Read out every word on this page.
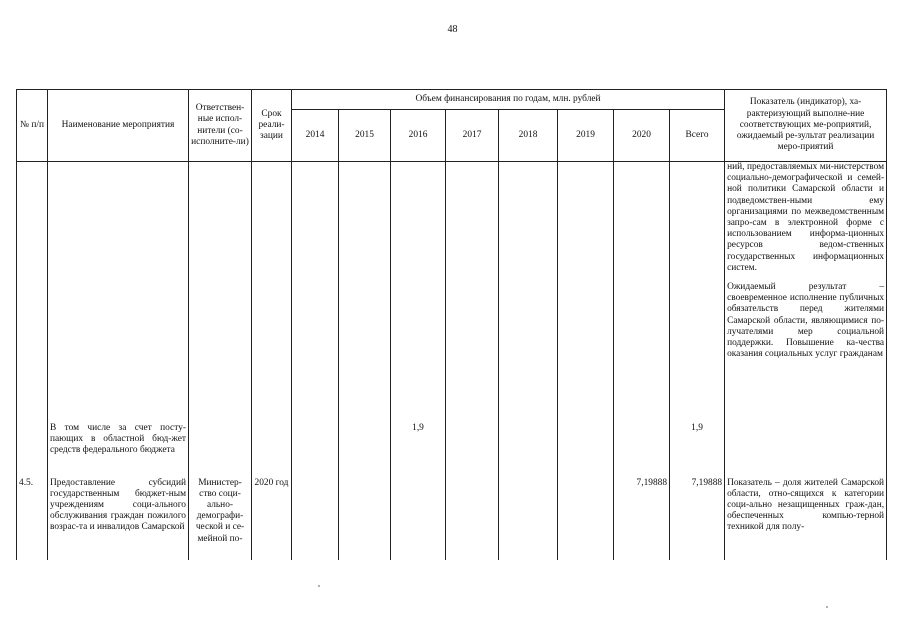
48
№ п/п	Наименование мероприятия	Ответствен-ные испол-нители (со-исполните-ли)	Срок реали-зации	Объем финансирования по годам, млн. рублей								Показатель (индикатор), ха-рактеризующий выполне-ние соответствующих ме-роприятий, ожидаемый ре-зультат реализации меро-приятий
				2014	2015	2016	2017	2018	2019	2020	Всего	

												ний, предоставляемых ми-нистерством социально-демографической и семей-ной политики Самарской области и подведомствен-ными ему организациями по межведомственным запро-сам в электронной форме с использованием информа-ционных ресурсов ведом-ственных государственных информационных систем.
Ожидаемый результат – своевременное исполнение публичных обязательств перед жителями Самарской области, являющимися по-лучателями мер социальной поддержки. Повышение ка-чества оказания социальных услуг гражданам

	В том числе за счет посту-пающих в областной бюд-жет средств федерального бюджета					1,9					1,9	
4.5.	Предоставление субсидий государственным бюджет-ным учреждениям соци-ального обслуживания граждан пожилого возрас-та и инвалидов Самарской	Министер-ство соци-ально-демографи-ческой и се-мейной по-	2020 год							7,19888	7,19888	Показатель – доля жителей Самарской области, отно-сящихся к категории соци-ально незащищенных граж-дан, обеспеченных компью-терной техникой для полу-
